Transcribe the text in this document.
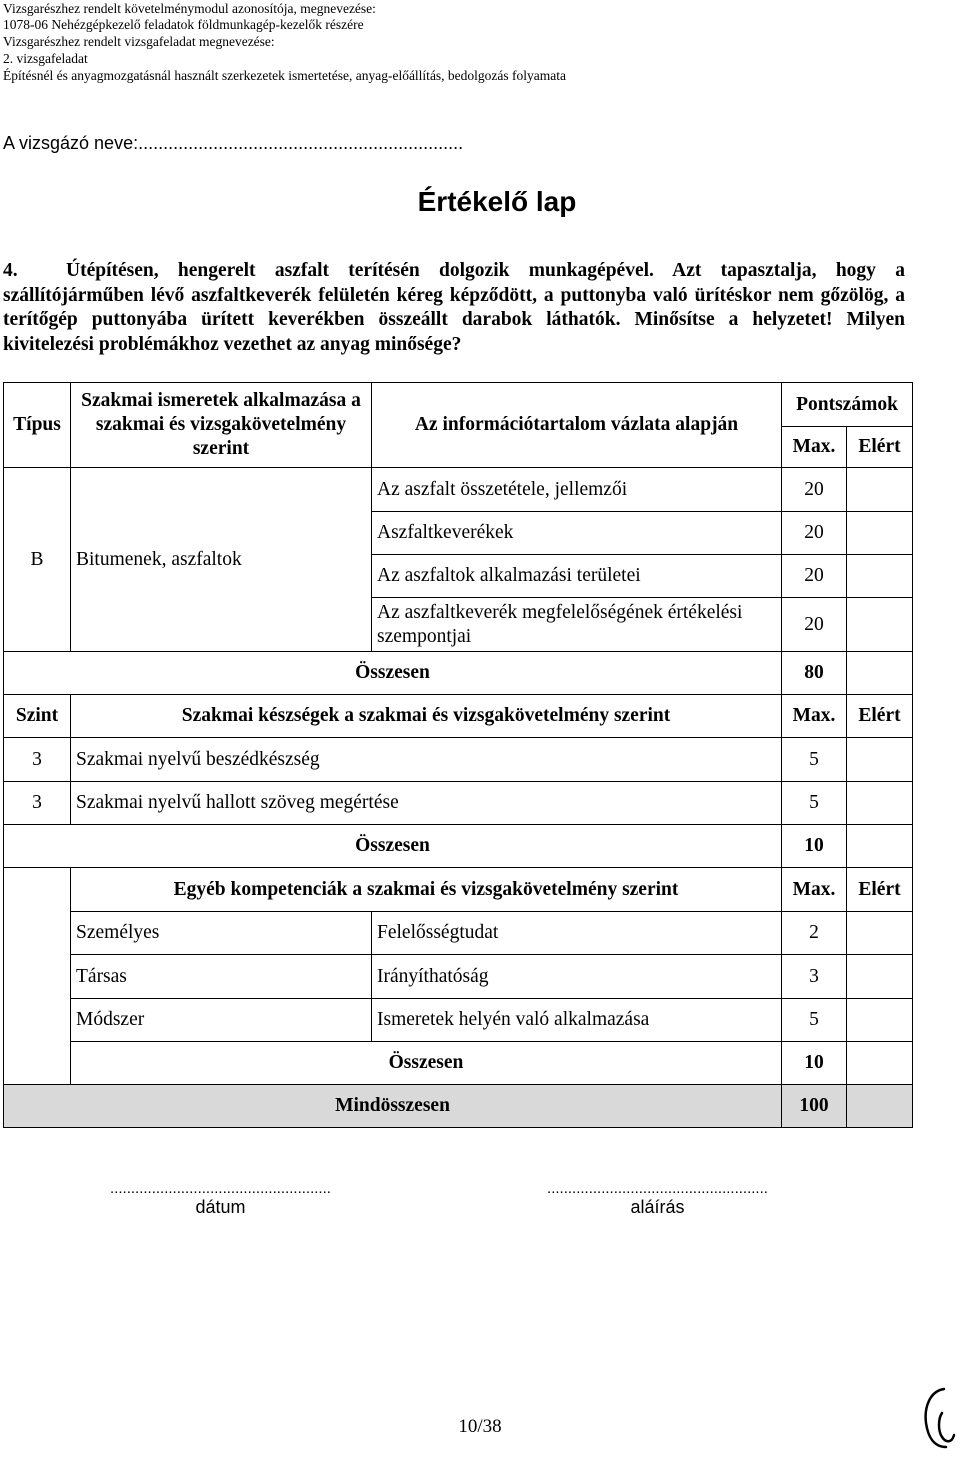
Vizsgarészhez rendelt követelménymodul azonosítója, megnevezése:
1078-06 Nehézgépkezelő feladatok földmunkagép-kezelők részére
Vizsgarészhez rendelt vizsgafeladat megnevezése:
2. vizsgafeladat
Építésnél és anyagmozgatásnál használt szerkezetek ismertetése, anyag-előállítás, bedolgozás folyamata
A vizsgázó neve:.................................................................
Értékelő lap
4. Útépítésen, hengerelt aszfalt terítésén dolgozik munkagépével. Azt tapasztalja, hogy a szállítójárműben lévő aszfaltkeverék felületén kéreg képződött, a puttonyba való ürítéskor nem gőzölög, a terítőgép puttonyába ürített keverékben összeállt darabok láthatók. Minősítse a helyzetet! Milyen kivitelezési problémákhoz vezethet az anyag minősége?
Típus	Szakmai ismeretek alkalmazása a szakmai és vizsgakövetelmény szerint	Az információtartalom vázlata alapján	Pontszámok	
			Max.	Elért
B	Bitumenek, aszfaltok	Az aszfalt összetétele, jellemzői	20	
		Aszfaltkeverékek	20	
		Az aszfaltok alkalmazási területei	20	
		Az aszfaltkeverék megfelelőségének értékelési szempontjai	20	
Összesen			80	
Szint	Szakmai készségek a szakmai és vizsgakövetelmény szerint		Max.	Elért
3	Szakmai nyelvű beszédkészség		5	
3	Szakmai nyelvű hallott szöveg megértése		5	
Összesen			10	
	Egyéb kompetenciák a szakmai és vizsgakövetelmény szerint		Max.	Elért
	Személyes	Felelősségtudat	2	
	Társas	Irányíthatóság	3	
	Módszer	Ismeretek helyén való alkalmazása	5	
	Összesen		10	
Mindösszesen			100	
.....................................................
dátum
.....................................................
aláírás
10/38
